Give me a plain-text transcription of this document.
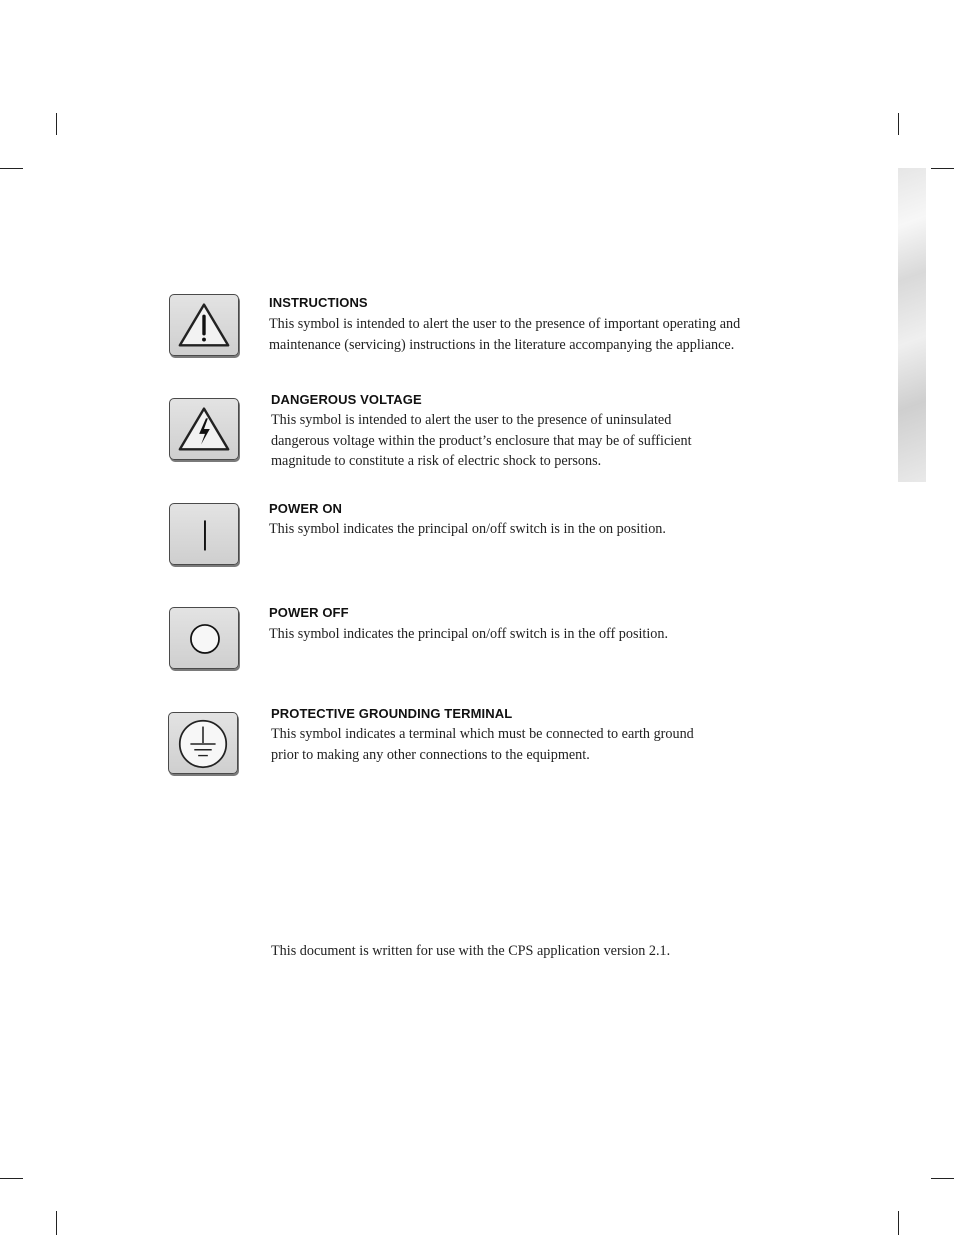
INSTRUCTIONS
This symbol is intended to alert the user to the presence of important operating and
maintenance (servicing) instructions in the literature accompanying the appliance.
DANGEROUS VOLTAGE
This symbol is intended to alert the user to the presence of uninsulated
dangerous voltage within the product’s enclosure that may be of sufficient
magnitude to constitute a risk of electric shock to persons.
POWER ON
This symbol indicates the principal on/off switch is in the on position.
POWER OFF
This symbol indicates the principal on/off switch is in the off position.
PROTECTIVE GROUNDING TERMINAL
This symbol indicates a terminal which must be connected to earth ground
prior to making any other connections to the equipment.
This document is written for use with the CPS application version 2.1.
